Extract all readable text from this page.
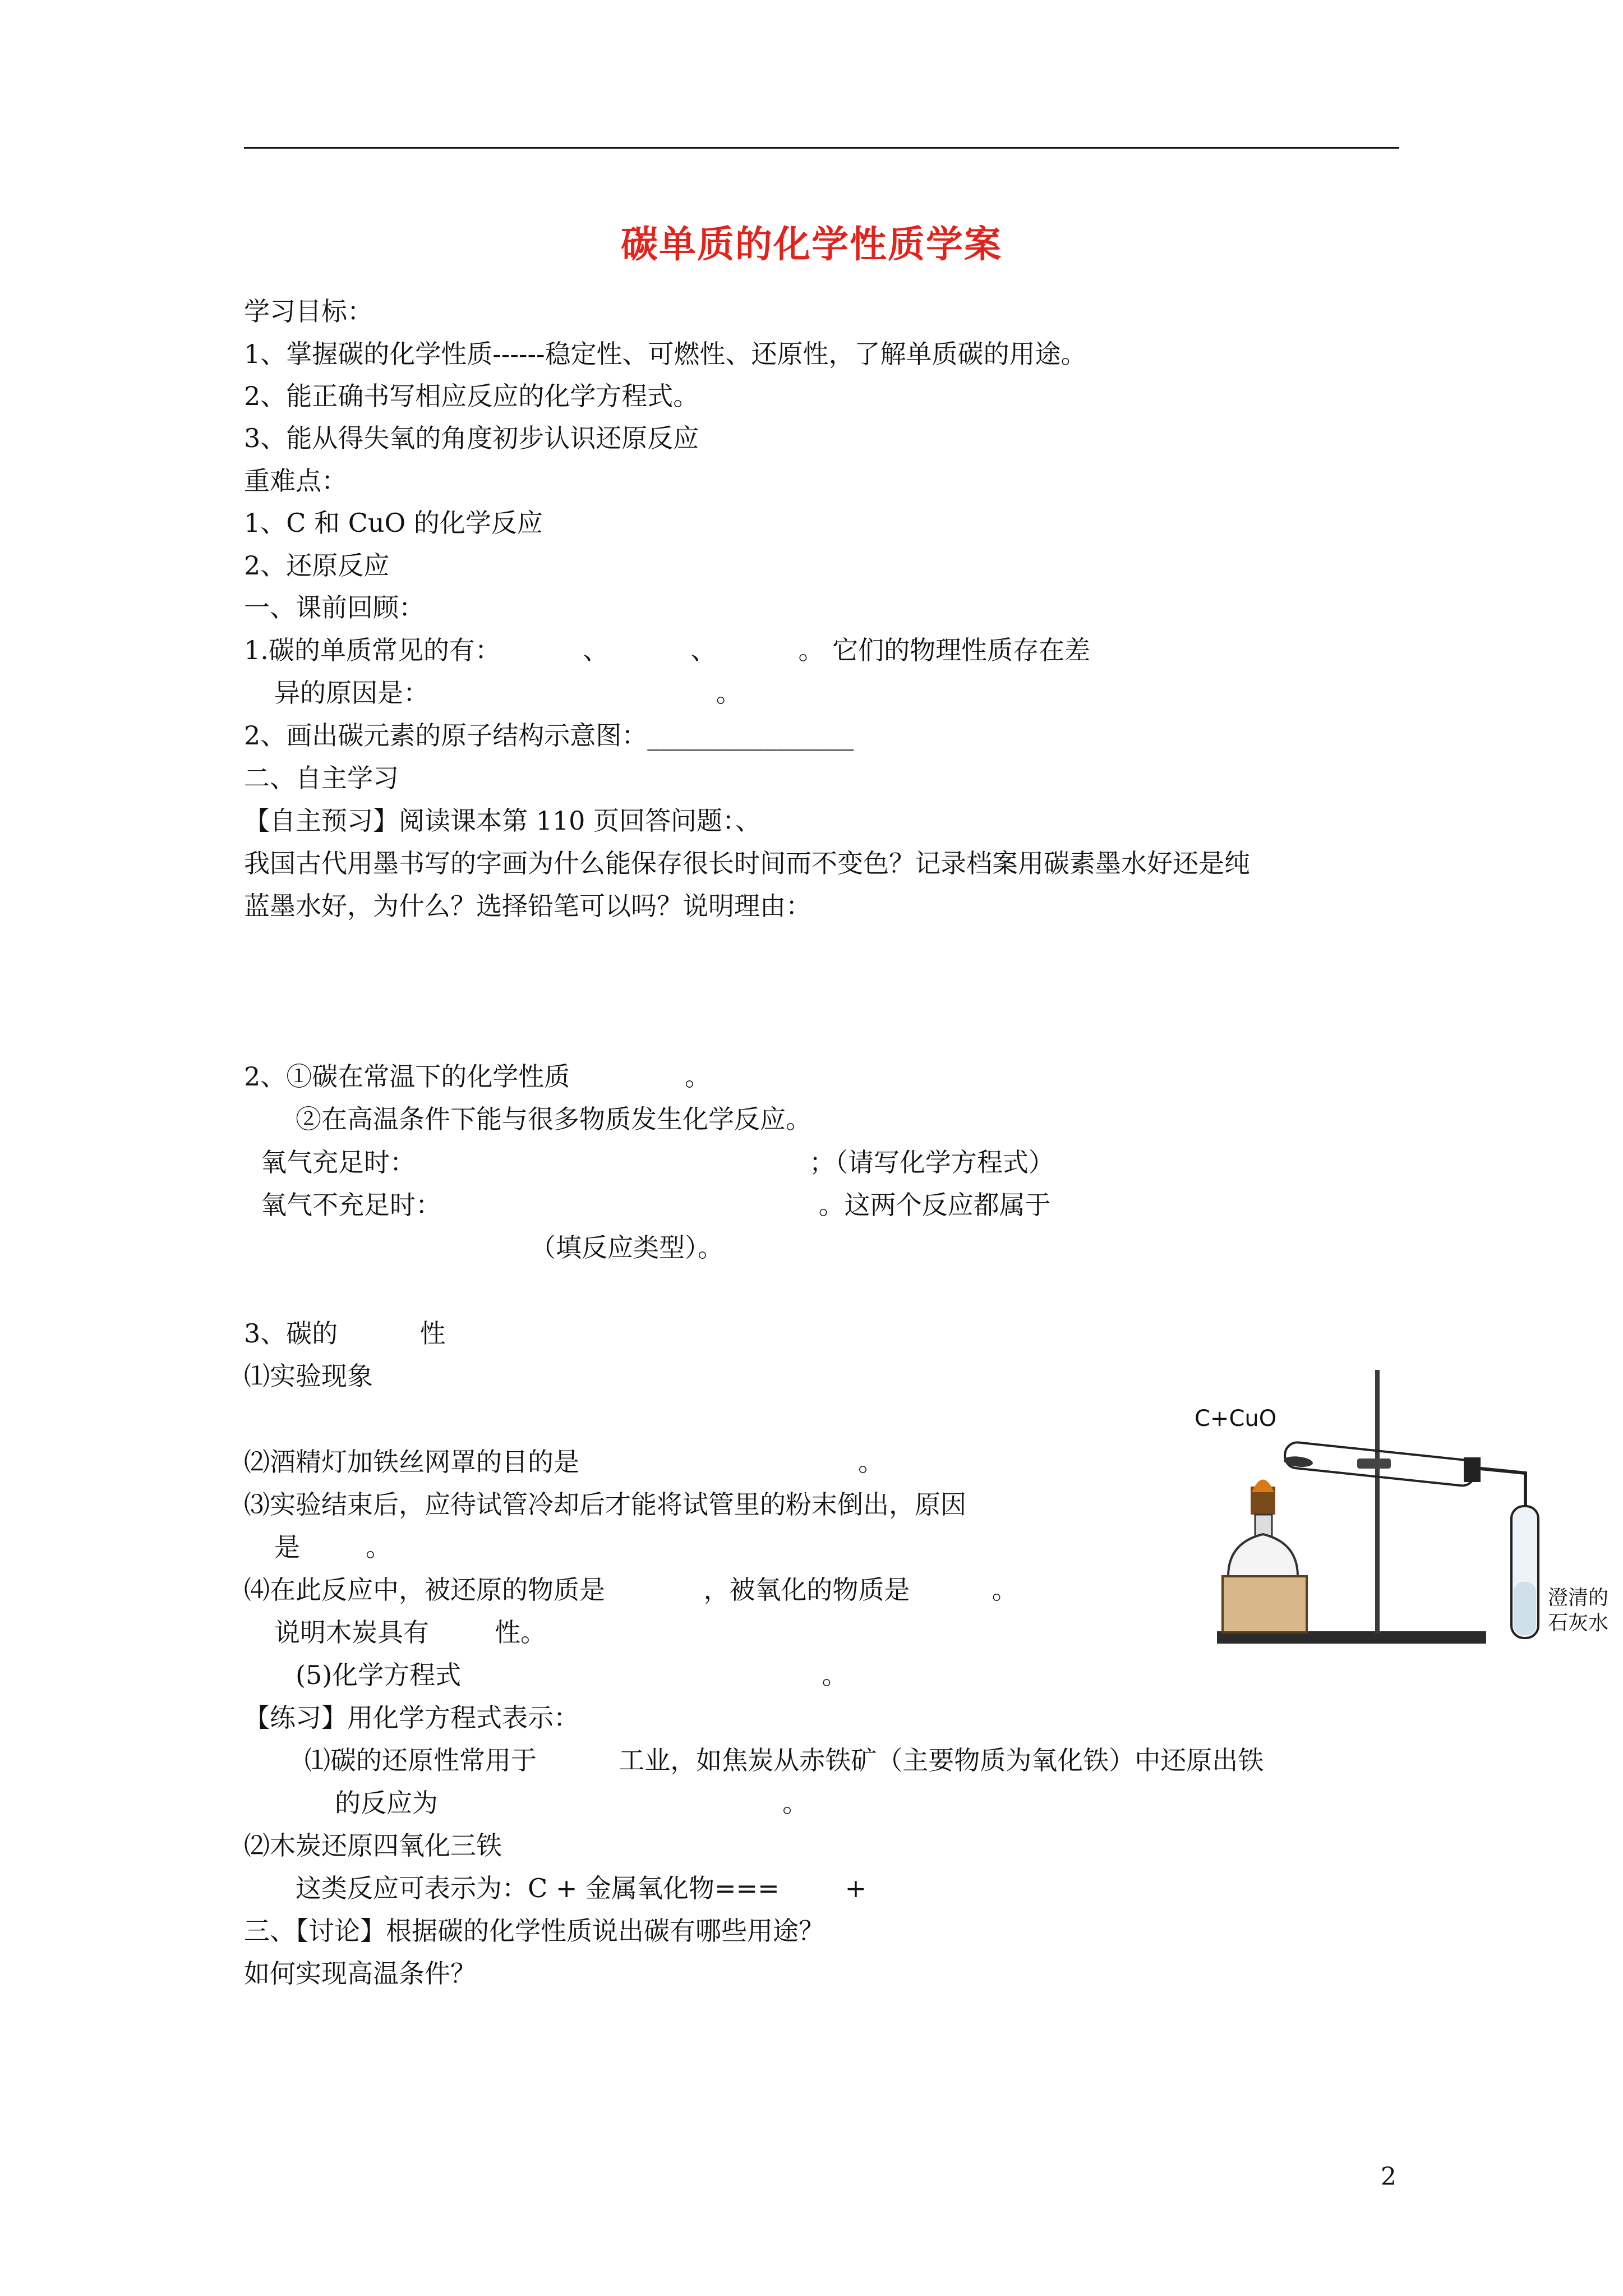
碳单质的化学性质学案
学习目标：
1、掌握碳的化学性质------稳定性、可燃性、还原性，了解单质碳的用途。
2、能正确书写相应反应的化学方程式。
3、能从得失氧的角度初步认识还原反应
重难点：
1、C 和 CuO 的化学反应
2、还原反应
一、课前回顾：
1.碳的单质常见的有：          、          、          。 它们的物理性质存在差
异的原因是：                                   。
2、画出碳元素的原子结构示意图：________________
二、自主学习
【自主预习】阅读课本第 110 页回答问题：、
我国古代用墨书写的字画为什么能保存很长时间而不变色？记录档案用碳素墨水好还是纯
蓝墨水好，为什么？选择铅笔可以吗？说明理由：
2、①碳在常温下的化学性质              。
②在高温条件下能与很多物质发生化学反应。
氧气充足时：                                                ；（请写化学方程式）
氧气不充足时：                                              。这两个反应都属于
（填反应类型）。
3、碳的          性
⑴实验现象
⑵酒精灯加铁丝网罩的目的是                                  。
⑶实验结束后，应待试管冷却后才能将试管里的粉末倒出，原因
是        。
⑷在此反应中，被还原的物质是            ，被氧化的物质是          。
说明木炭具有        性。
(5)化学方程式                                            。
【练习】用化学方程式表示：
⑴碳的还原性常用于          工业，如焦炭从赤铁矿（主要物质为氧化铁）中还原出铁
的反应为                                          。
⑵木炭还原四氧化三铁
这类反应可表示为：C + 金属氧化物===        +
三、【讨论】根据碳的化学性质说出碳有哪些用途？
如何实现高温条件？
C+CuO
澄清的
石灰水
2
